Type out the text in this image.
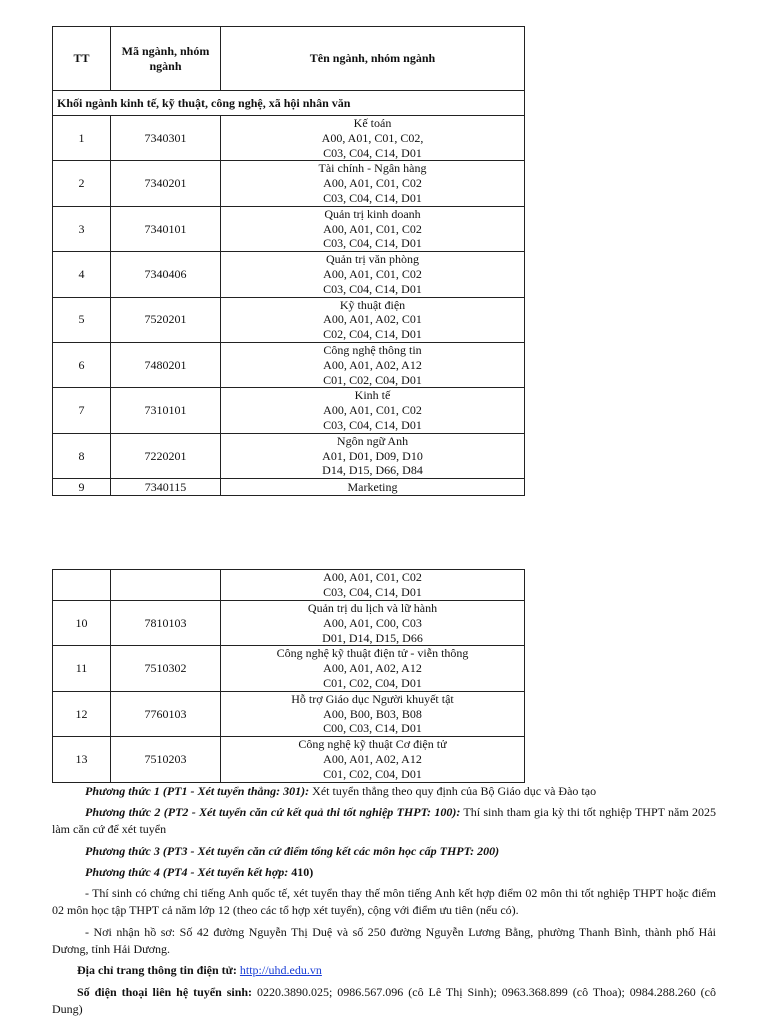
TT	Mã ngành, nhóm ngành	Tên ngành, nhóm ngành
Khối ngành kinh tế, kỹ thuật, công nghệ, xã hội nhân văn		
1	7340301	Kế toán
A00, A01, C01, C02,
C03, C04, C14, D01

2	7340201	Tài chính - Ngân hàng
A00, A01, C01, C02
C03, C04, C14, D01

3	7340101	Quản trị kinh doanh
A00, A01, C01, C02
C03, C04, C14, D01

4	7340406	Quản trị văn phòng
A00, A01, C01, C02
C03, C04, C14, D01

5	7520201	Kỹ thuật điện
A00, A01, A02, C01
C02, C04, C14, D01

6	7480201	Công nghệ thông tin
A00, A01, A02, A12
C01, C02, C04, D01

7	7310101	Kinh tế
A00, A01, C01, C02
C03, C04, C14, D01

8	7220201	Ngôn ngữ Anh
A01, D01, D09, D10
D14, D15, D66, D84

9	7340115	Marketing

		A00, A01, C01, C02
C03, C04, C14, D01

10	7810103	Quản trị du lịch và lữ hành
A00, A01, C00, C03
D01, D14, D15, D66

11	7510302	Công nghệ kỹ thuật điện tử - viễn thông
A00, A01, A02, A12
C01, C02, C04, D01

12	7760103	Hỗ trợ Giáo dục Người khuyết tật
A00, B00, B03, B08
C00, C03, C14, D01

13	7510203	Công nghệ kỹ thuật Cơ điện tử
A00, A01, A02, A12
C01, C02, C04, D01

Phương thức 1 (PT1 - Xét tuyển thẳng: 301): Xét tuyển thẳng theo quy định của Bộ Giáo dục và Đào tạo

Phương thức 2 (PT2 - Xét tuyển căn cứ kết quả thi tốt nghiệp THPT: 100): Thí sinh tham gia kỳ thi tốt nghiệp THPT năm 2025 làm căn cứ để xét tuyển

Phương thức 3 (PT3 - Xét tuyển căn cứ điểm tổng kết các môn học cấp THPT: 200)

Phương thức 4 (PT4 - Xét tuyển kết hợp: 410)

- Thí sinh có chứng chỉ tiếng Anh quốc tế, xét tuyển thay thế môn tiếng Anh kết hợp điểm 02 môn thi tốt nghiệp THPT hoặc điểm 02 môn học tập THPT cả năm lớp 12 (theo các tổ hợp xét tuyển), cộng với điểm ưu tiên (nếu có).

- Nơi nhận hồ sơ: Số 42 đường Nguyễn Thị Duệ và số 250 đường Nguyễn Lương Bằng, phường Thanh Bình, thành phố Hải Dương, tỉnh Hải Dương.

Địa chỉ trang thông tin điện tử: http://uhd.edu.vn

Số điện thoại liên hệ tuyển sinh: 0220.3890.025; 0986.567.096 (cô Lê Thị Sinh); 0963.368.899 (cô Thoa); 0984.288.260 (cô Dung)
